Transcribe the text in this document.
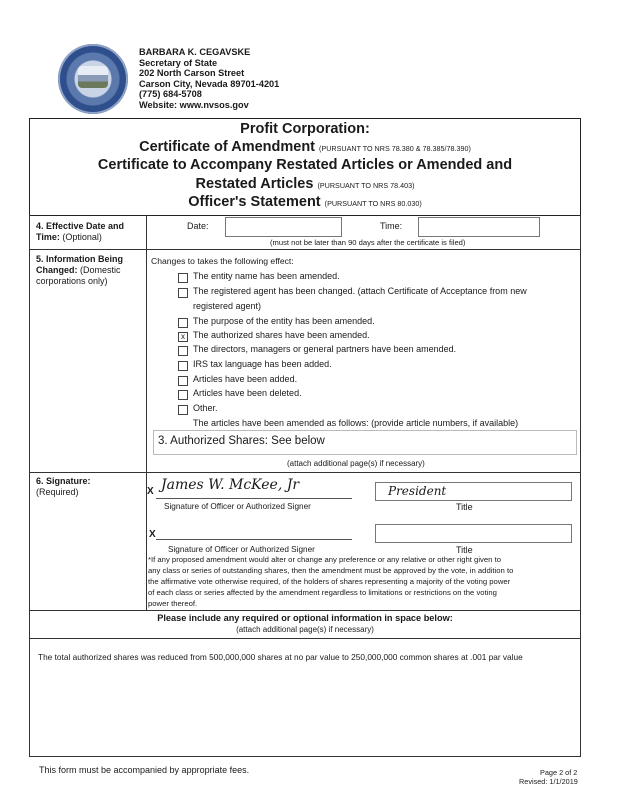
BARBARA K. CEGAVSKE
Secretary of State
202 North Carson Street
Carson City, Nevada 89701-4201
(775) 684-5708
Website: www.nvsos.gov
Profit Corporation:
Certificate of Amendment (PURSUANT TO NRS 78.380 & 78.385/78.390)
Certificate to Accompany Restated Articles or Amended and
Restated Articles (PURSUANT TO NRS 78.403)
Officer's Statement (PURSUANT TO NRS 80.030)
4. Effective Date and Time: (Optional)
Date:	Time:
(must not be later than 90 days after the certificate is filed)
5. Information Being Changed: (Domestic corporations only)
Changes to takes the following effect:
The entity name has been amended.
The registered agent has been changed. (attach Certificate of Acceptance from new
registered agent)
The purpose of the entity has been amended.
x The authorized shares have been amended.
The directors, managers or general partners have been amended.
IRS tax language has been added.
Articles have been added.
Articles have been deleted.
Other.
The articles have been amended as follows: (provide article numbers, if available)
3. Authorized Shares: See below
(attach additional page(s) if necessary)
6. Signature:
(Required)	X James W. McKee, Jr
Signature of Officer or Authorized Signer
President
Title
X
Signature of Officer or Authorized Signer	Title
*If any proposed amendment would alter or change any preference or any relative or other right given to
any class or series of outstanding shares, then the amendment must be approved by the vote, in addition to
the affirmative vote otherwise required, of the holders of shares representing a majority of the voting power
of each class or series affected by the amendment regardless to limitations or restrictions on the voting
power thereof.
Please include any required or optional information in space below:
(attach additional page(s) if necessary)
The total authorized shares was reduced from 500,000,000 shares at no par value to 250,000,000 common shares at .001 par value
This form must be accompanied by appropriate fees.	Page 2 of 2
Revised: 1/1/2019
